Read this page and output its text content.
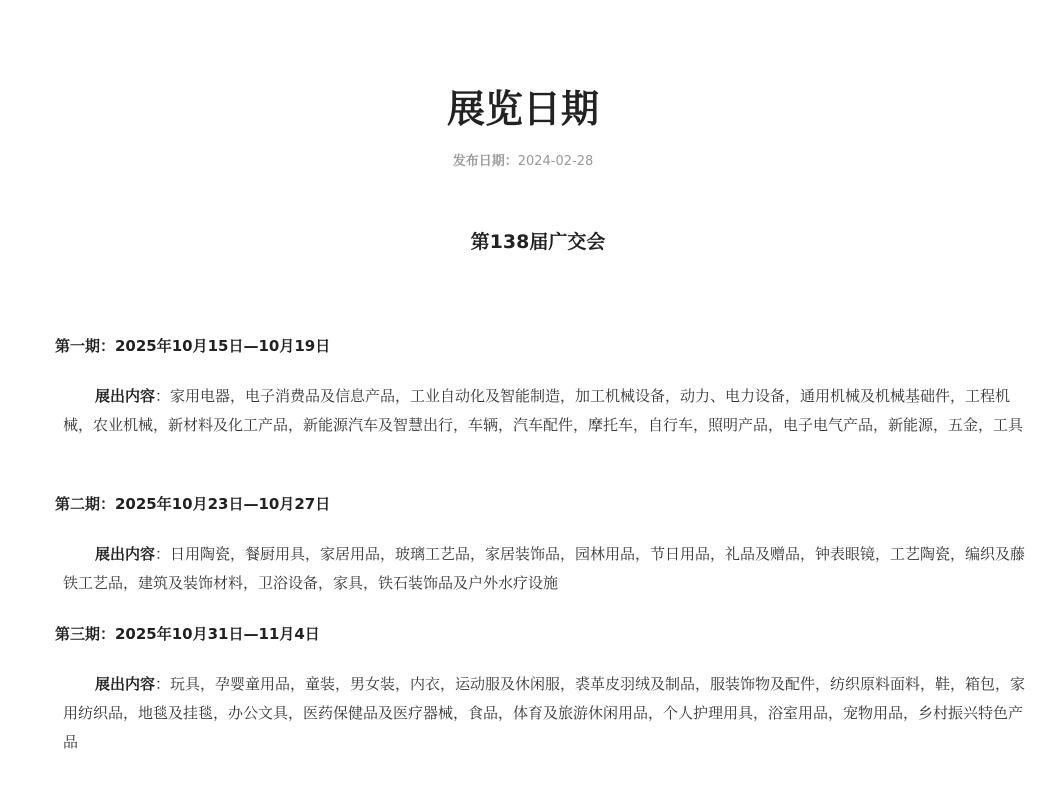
展览日期
发布日期：2024-02-28
第138届广交会

第一期：2025年10月15日—10月19日

展出内容：家用电器，电子消费品及信息产品，工业自动化及智能制造，加工机械设备，动力、电力设备，通用机械及机械基础件，工程机械，农业机械，新材料及化工产品，新能源汽车及智慧出行，车辆，汽车配件，摩托车，自行车，照明产品，电子电气产品，新能源，五金，工具

第二期：2025年10月23日—10月27日

展出内容：日用陶瓷，餐厨用具，家居用品，玻璃工艺品，家居装饰品，园林用品，节日用品，礼品及赠品，钟表眼镜，工艺陶瓷，编织及藤铁工艺品，建筑及装饰材料，卫浴设备，家具，铁石装饰品及户外水疗设施

第三期：2025年10月31日—11月4日

展出内容：玩具，孕婴童用品，童装，男女装，内衣，运动服及休闲服，裘革皮羽绒及制品，服装饰物及配件，纺织原料面料，鞋，箱包，家用纺织品，地毯及挂毯，办公文具，医药保健品及医疗器械，食品，体育及旅游休闲用品，个人护理用具，浴室用品，宠物用品，乡村振兴特色产品
